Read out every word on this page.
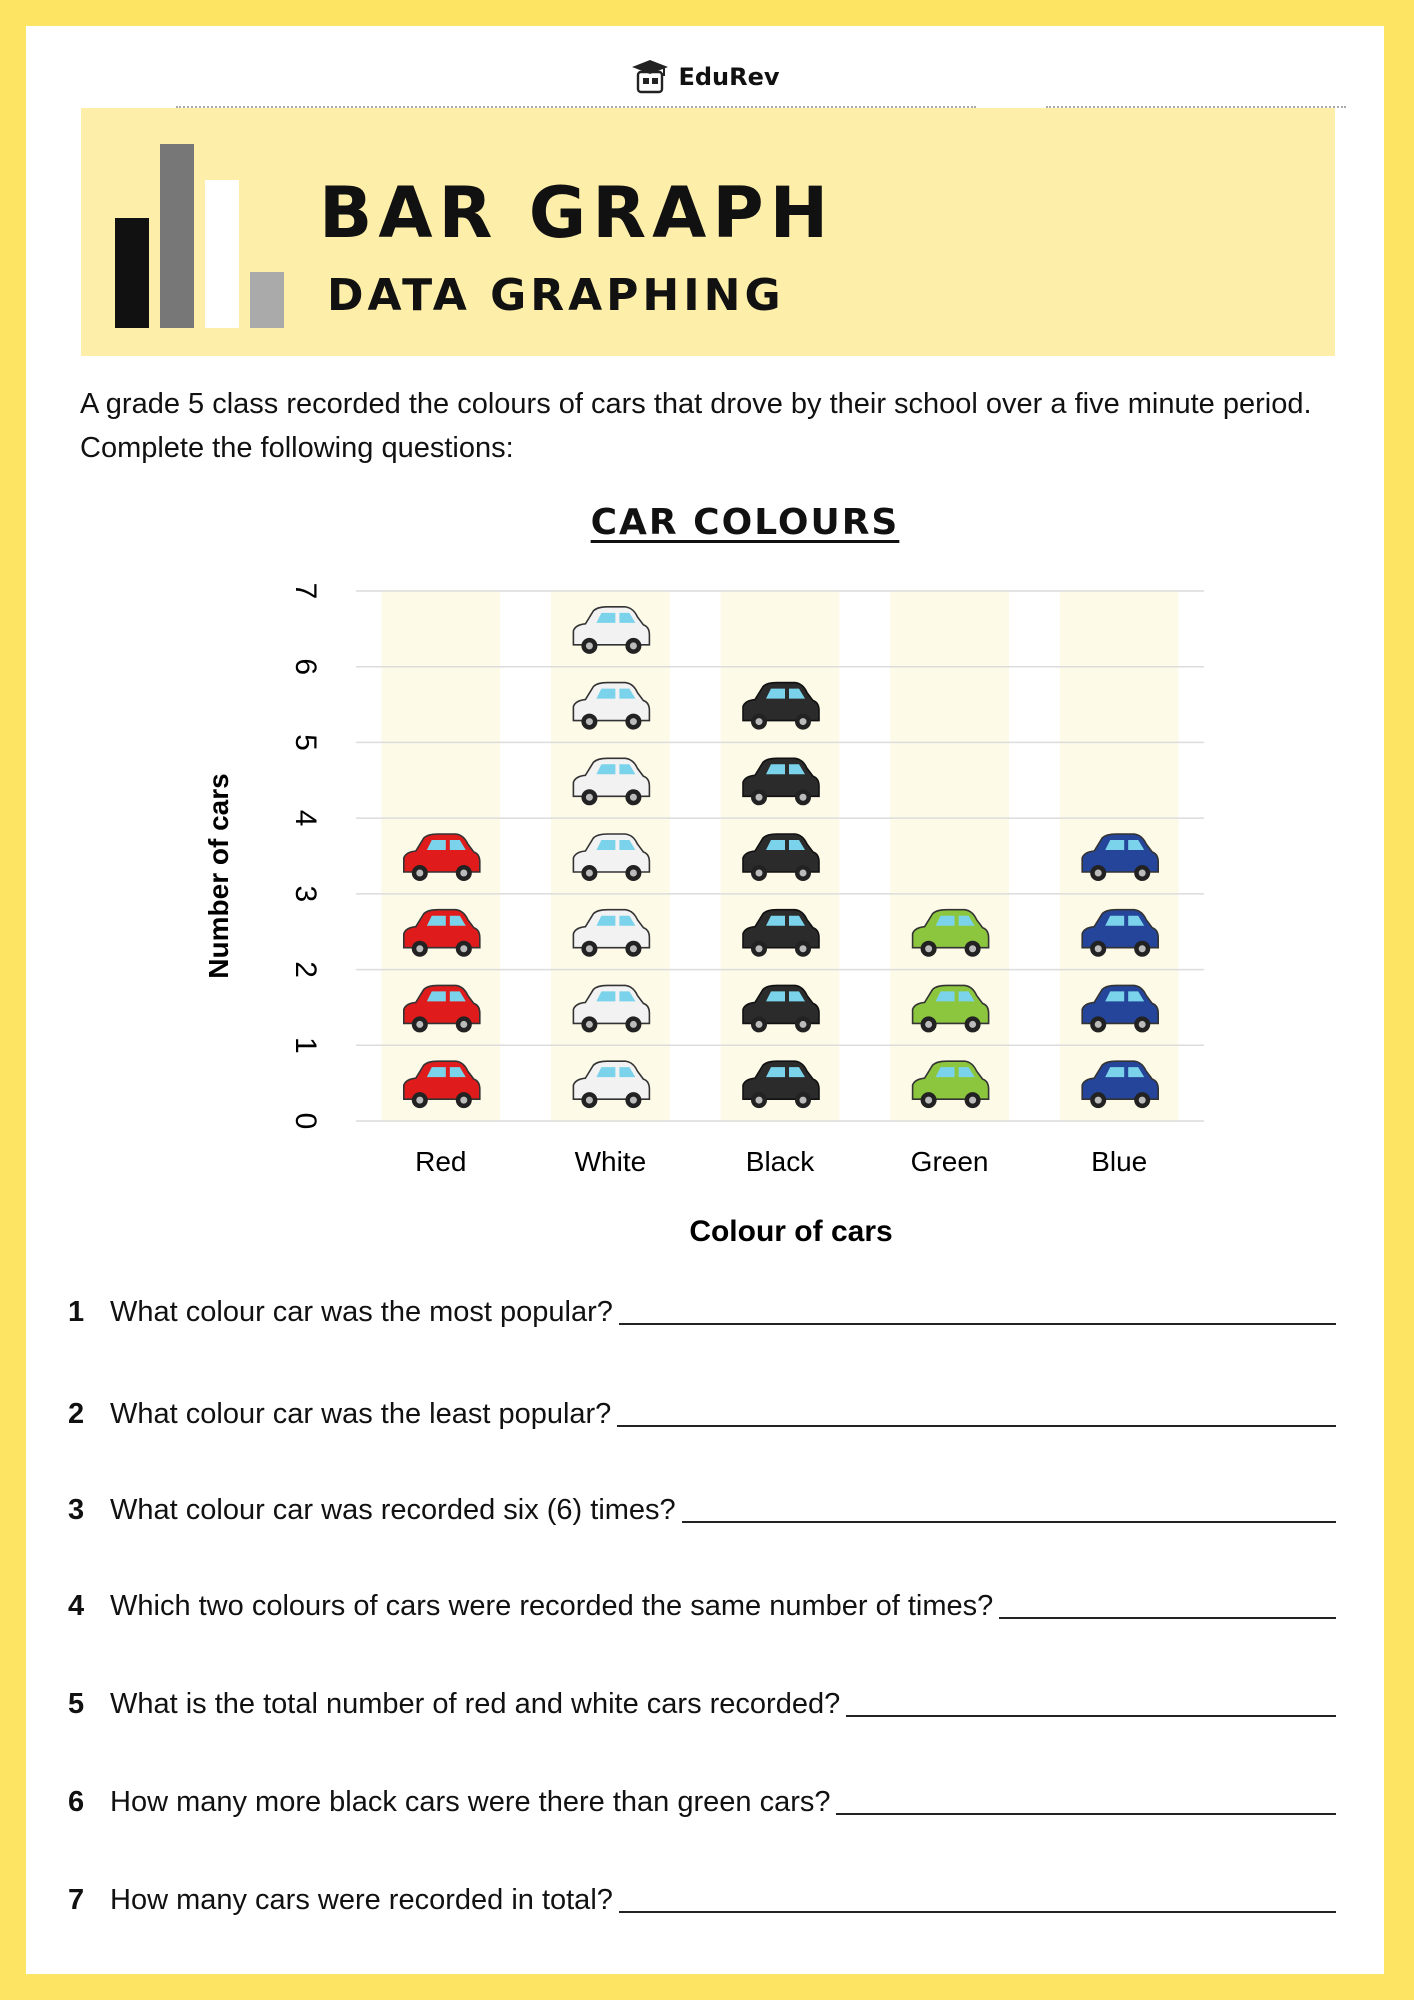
EduRev
BAR GRAPH
DATA GRAPHING
A grade 5 class recorded the colours of cars that drove by their school over a five minute period. Complete the following questions:
CAR COLOURS
0
1
2
3
4
5
6
7
Number of cars
Red	White	Black	Green	Blue
Colour of cars
1 What colour car was the most popular?
2 What colour car was the least popular?
3 What colour car was recorded six (6) times?
4 Which two colours of cars were recorded the same number of times?
5 What is the total number of red and white cars recorded?
6 How many more black cars were there than green cars?
7 How many cars were recorded in total?
